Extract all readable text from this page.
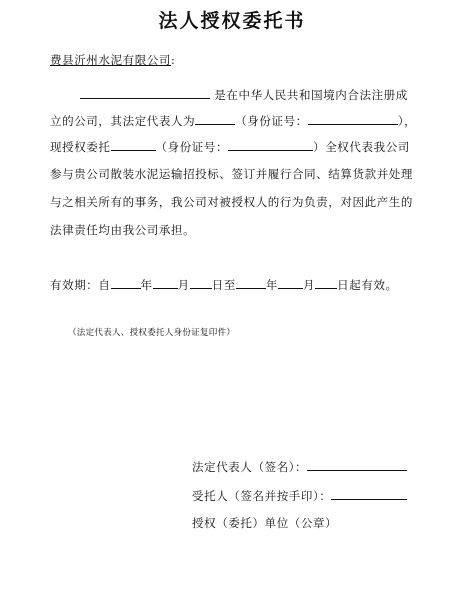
法人授权委托书
费县沂州水泥有限公司:
是在中华人民共和国境内合法注册成
立的公司，其法定代表人为	（身份证号：	），
现授权委托	（身份证号：	）全权代表我公司
参与贵公司散装水泥运输招投标、签订并履行合同、结算货款并处理
与之相关所有的事务，我公司对被授权人的行为负责，对因此产生的
法律责任均由我公司承担。
有效期：自	年 月 日至	年 月 日起有效。
（法定代表人、授权委托人身份证复印件）
法定代表人（签名）：
受托人（签名并按手印）：
授权（委托）单位（公章）
